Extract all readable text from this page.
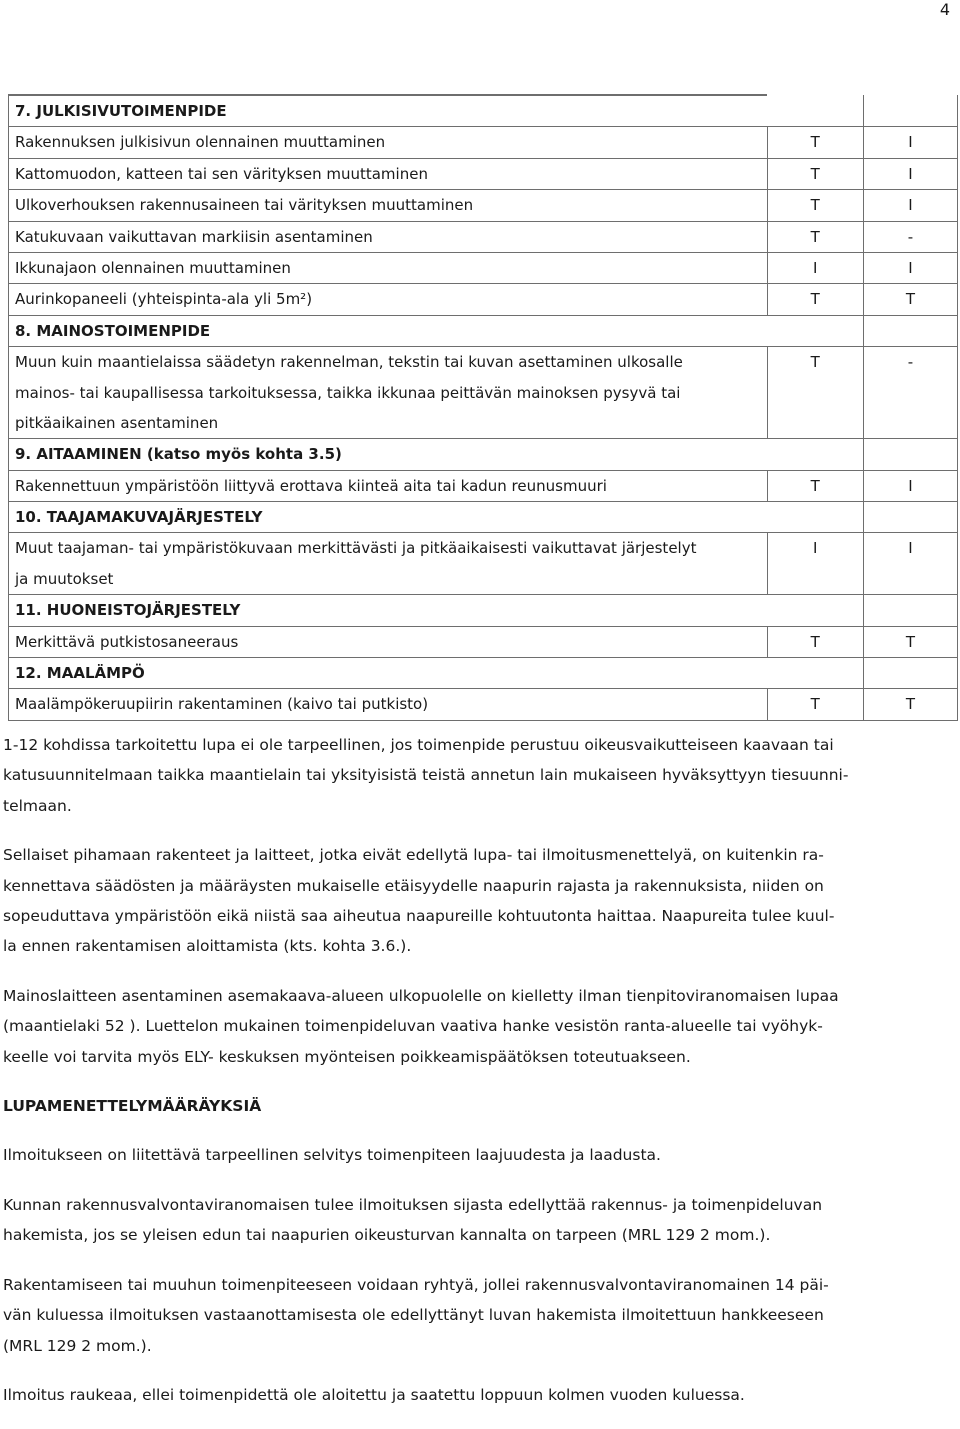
4
7. JULKISIVUTOIMENPIDE		

Rakennuksen julkisivun olennainen muuttaminen	T	I

Kattomuodon, katteen tai sen värityksen muuttaminen	T	I

Ulkoverhouksen rakennusaineen tai värityksen muuttaminen	T	I

Katukuvaan vaikuttavan markiisin asentaminen	T	-

Ikkunajaon olennainen muuttaminen	I	I

Aurinkopaneeli (yhteispinta-ala yli 5m²)	T	T

8. MAINOSTOIMENPIDE		

Muun kuin maantielaissa säädetyn rakennelman, tekstin tai kuvan asettaminen ulkosalle
mainos- tai kaupallisessa tarkoituksessa, taikka ikkunaa peittävän mainoksen pysyvä tai
pitkäaikainen asentaminen	T	-

9. AITAAMINEN (katso myös kohta 3.5)		

Rakennettuun ympäristöön liittyvä erottava kiinteä aita tai kadun reunusmuuri	T	I

10. TAAJAMAKUVAJÄRJESTELY		

Muut taajaman- tai ympäristökuvaan merkittävästi ja pitkäaikaisesti vaikuttavat järjestelyt
ja muutokset	I	I

11. HUONEISTOJÄRJESTELY		

Merkittävä putkistosaneeraus	T	T

12. MAALÄMPÖ		

Maalämpökeruupiirin rakentaminen (kaivo tai putkisto)	T	T

1-12 kohdissa tarkoitettu lupa ei ole tarpeellinen, jos toimenpide perustuu oikeusvaikutteiseen kaavaan tai
katusuunnitelmaan taikka maantielain tai yksityisistä teistä annetun lain mukaiseen hyväksyttyyn tiesuunni-
telmaan.

Sellaiset pihamaan rakenteet ja laitteet, jotka eivät edellytä lupa- tai ilmoitusmenettelyä, on kuitenkin ra-
kennettava säädösten ja määräysten mukaiselle etäisyydelle naapurin rajasta ja rakennuksista, niiden on
sopeuduttava ympäristöön eikä niistä saa aiheutua naapureille kohtuutonta haittaa. Naapureita tulee kuul-
la ennen rakentamisen aloittamista (kts. kohta 3.6.).

Mainoslaitteen asentaminen asemakaava-alueen ulkopuolelle on kielletty ilman tienpitoviranomaisen lupaa
(maantielaki 52 ). Luettelon mukainen toimenpideluvan vaativa hanke vesistön ranta-alueelle tai vyöhyk-
keelle voi tarvita myös ELY- keskuksen myönteisen poikkeamispäätöksen toteutuakseen.

LUPAMENETTELYMÄÄRÄYKSIÄ

Ilmoitukseen on liitettävä tarpeellinen selvitys toimenpiteen laajuudesta ja laadusta.

Kunnan rakennusvalvontaviranomaisen tulee ilmoituksen sijasta edellyttää rakennus- ja toimenpideluvan
hakemista, jos se yleisen edun tai naapurien oikeusturvan kannalta on tarpeen (MRL 129 2 mom.).

Rakentamiseen tai muuhun toimenpiteeseen voidaan ryhtyä, jollei rakennusvalvontaviranomainen 14 päi-
vän kuluessa ilmoituksen vastaanottamisesta ole edellyttänyt luvan hakemista ilmoitettuun hankkeeseen
(MRL 129 2 mom.).

Ilmoitus raukeaa, ellei toimenpidettä ole aloitettu ja saatettu loppuun kolmen vuoden kuluessa.
